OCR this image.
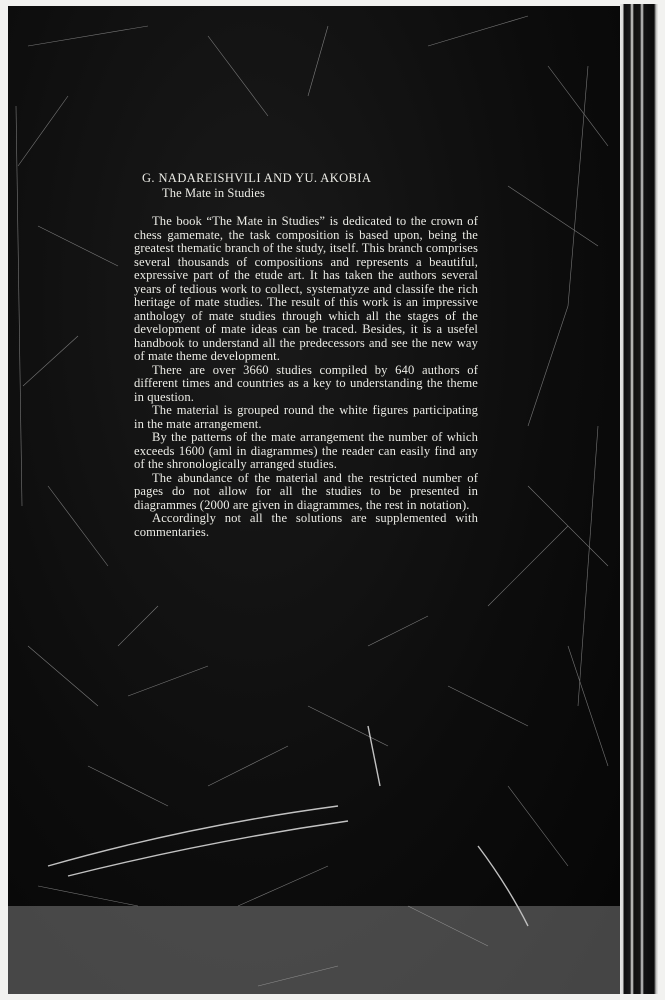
G. NADAREISHVILI AND YU. AKOBIA

The Mate in Studies

The book “The Mate in Studies” is dedicated to the crown of chess gamemate, the task composition is based upon, being the greatest thematic branch of the study, itself. This branch comprises several thousands of compositions and represents a beautiful, expressive part of the etude art. It has taken the authors several years of tedious work to collect, systematyze and classife the rich heritage of mate studies. The result of this work is an impressive anthology of mate studies through which all the stages of the development of mate ideas can be traced. Besides, it is a usefel handbook to understand all the predecessors and see the new way of mate theme development.

There are over 3660 studies compiled by 640 authors of different times and countries as a key to understanding the theme in question.

The material is grouped round the white figures participating in the mate arrangement.

By the patterns of the mate arrangement the number of which exceeds 1600 (aml in diagrammes) the reader can easily find any of the shronologically arranged studies.

The abundance of the material and the restricted number of pages do not allow for all the studies to be presented in diagrammes (2000 are given in diagrammes, the rest in notation).

Accordingly not all the solutions are supplemented with commentaries.
